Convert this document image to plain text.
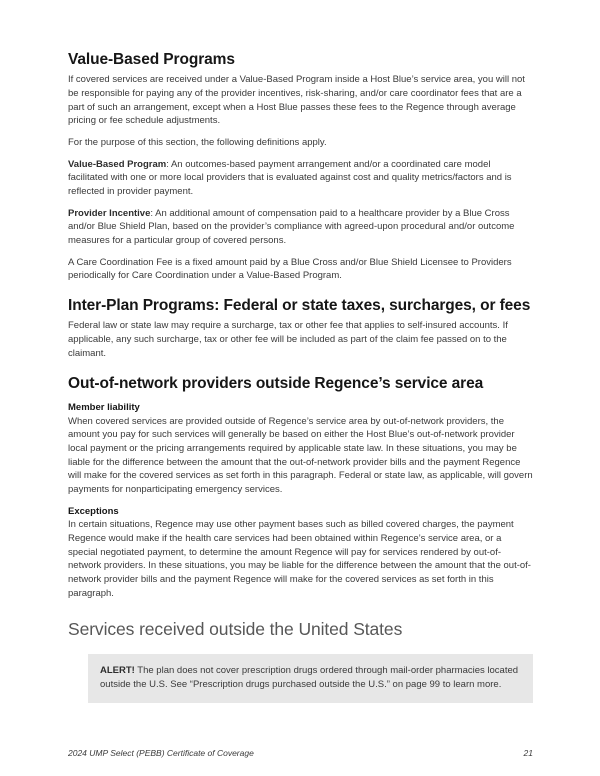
Value-Based Programs

If covered services are received under a Value-Based Program inside a Host Blue’s service area, you will not be responsible for paying any of the provider incentives, risk-sharing, and/or care coordinator fees that are a part of such an arrangement, except when a Host Blue passes these fees to the Regence through average pricing or fee schedule adjustments.

For the purpose of this section, the following definitions apply.

Value-Based Program: An outcomes-based payment arrangement and/or a coordinated care model facilitated with one or more local providers that is evaluated against cost and quality metrics/factors and is reflected in provider payment.

Provider Incentive: An additional amount of compensation paid to a healthcare provider by a Blue Cross and/or Blue Shield Plan, based on the provider’s compliance with agreed-upon procedural and/or outcome measures for a particular group of covered persons.

A Care Coordination Fee is a fixed amount paid by a Blue Cross and/or Blue Shield Licensee to Providers periodically for Care Coordination under a Value-Based Program.

Inter-Plan Programs: Federal or state taxes, surcharges, or fees

Federal law or state law may require a surcharge, tax or other fee that applies to self-insured accounts. If applicable, any such surcharge, tax or other fee will be included as part of the claim fee passed on to the claimant.

Out-of-network providers outside Regence’s service area
Member liability

When covered services are provided outside of Regence’s service area by out-of-network providers, the amount you pay for such services will generally be based on either the Host Blue’s out-of-network provider local payment or the pricing arrangements required by applicable state law. In these situations, you may be liable for the difference between the amount that the out-of-network provider bills and the payment Regence will make for the covered services as set forth in this paragraph. Federal or state law, as applicable, will govern payments for nonparticipating emergency services.

Exceptions

In certain situations, Regence may use other payment bases such as billed covered charges, the payment Regence would make if the health care services had been obtained within Regence’s service area, or a special negotiated payment, to determine the amount Regence will pay for services rendered by out-of-network providers. In these situations, you may be liable for the difference between the amount that the out-of-network provider bills and the payment Regence will make for the covered services as set forth in this paragraph.

Services received outside the United States

ALERT! The plan does not cover prescription drugs ordered through mail-order pharmacies located outside the U.S. See “Prescription drugs purchased outside the U.S.” on page 99 to learn more.

2024 UMP Select (PEBB) Certificate of Coverage	21
